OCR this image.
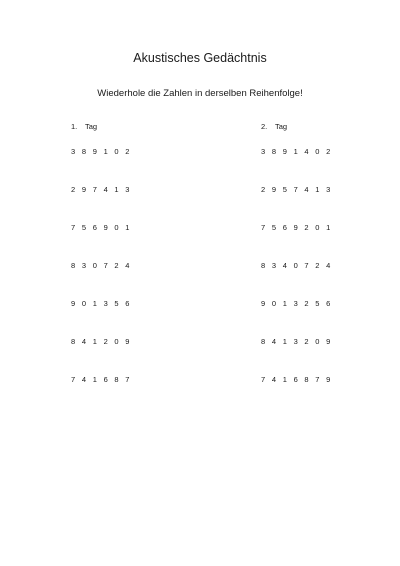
Akustisches Gedächtnis
Wiederhole die Zahlen in derselben Reihenfolge!
1. Tag
3 8 9 1 0 2
2 9 7 4 1 3
7 5 6 9 0 1
8 3 0 7 2 4
9 0 1 3 5 6
8 4 1 2 0 9
7 4 1 6 8 7
2. Tag
3 8 9 1 4 0 2
2 9 5 7 4 1 3
7 5 6 9 2 0 1
8 3 4 0 7 2 4
9 0 1 3 2 5 6
8 4 1 3 2 0 9
7 4 1 6 8 7 9
